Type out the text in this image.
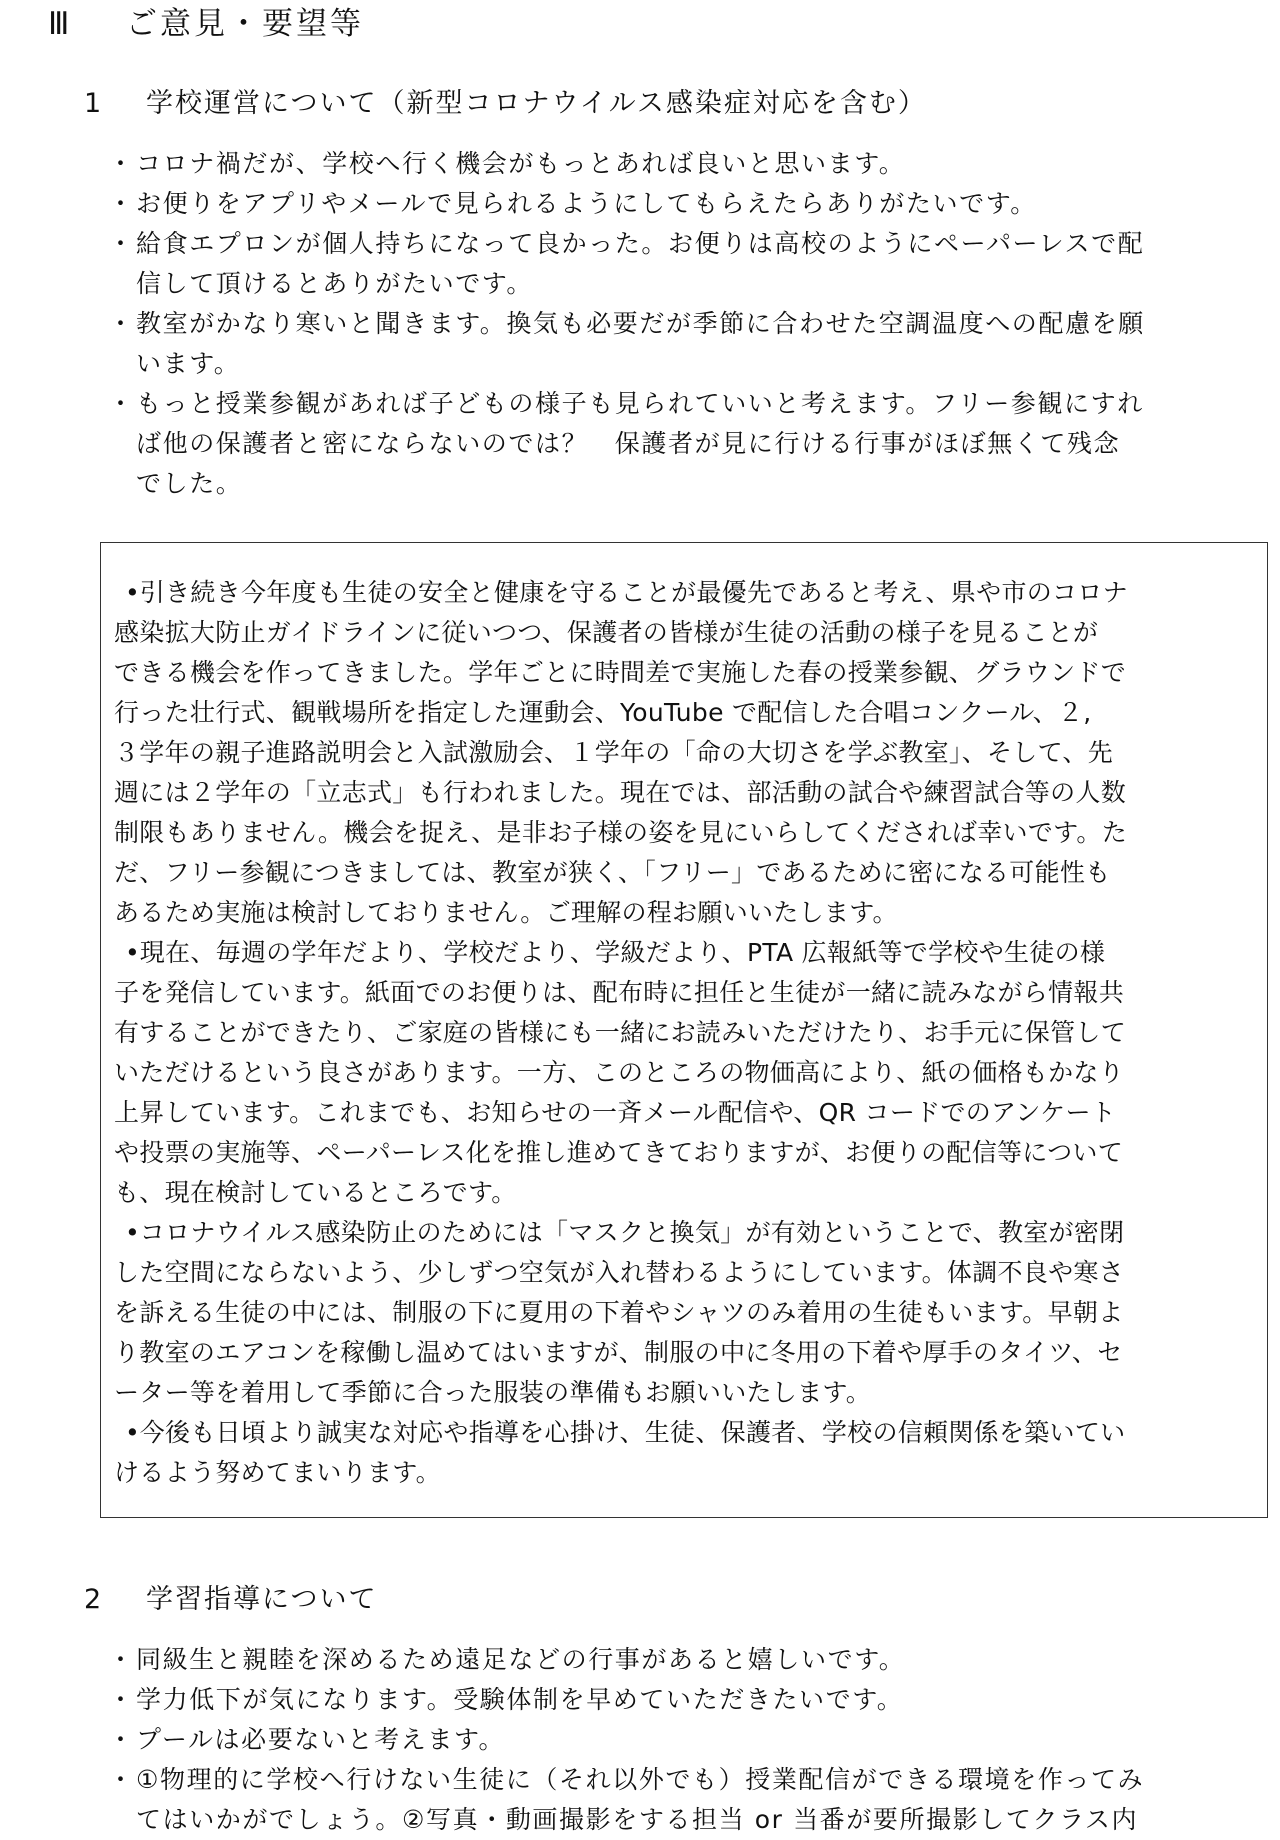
Ⅲ ご意見・要望等
1 学校運営について（新型コロナウイルス感染症対応を含む）
・ コロナ禍だが、学校へ行く機会がもっとあれば良いと思います。
・ お便りをアプリやメールで見られるようにしてもらえたらありがたいです。
・ 給食エプロンが個人持ちになって良かった。お便りは高校のようにペーパーレスで配
信して頂けるとありがたいです。
・ 教室がかなり寒いと聞きます。換気も必要だが季節に合わせた空調温度への配慮を願
います。
・ もっと授業参観があれば子どもの様子も見られていいと考えます。フリー参観にすれ
ば他の保護者と密にならないのでは？　保護者が見に行ける行事がほぼ無くて残念
でした。
　• 引き続き今年度も生徒の安全と健康を守ることが最優先であると考え、県や市のコロナ
感染拡大防止ガイドラインに従いつつ、保護者の皆様が生徒の活動の様子を見ることが
できる機会を作ってきました。学年ごとに時間差で実施した春の授業参観、グラウンドで
行った壮行式、観戦場所を指定した運動会、YouTube で配信した合唱コンクール、２,
３学年の親子進路説明会と入試激励会、１学年の「命の大切さを学ぶ教室」、そして、先
週には２学年の「立志式」も行われました。現在では、部活動の試合や練習試合等の人数
制限もありません。機会を捉え、是非お子様の姿を見にいらしてくだされば幸いです。た
だ、フリー参観につきましては、教室が狭く、「フリー」であるために密になる可能性も
あるため実施は検討しておりません。ご理解の程お願いいたします。
　• 現在、毎週の学年だより、学校だより、学級だより、PTA 広報紙等で学校や生徒の様
子を発信しています。紙面でのお便りは、配布時に担任と生徒が一緒に読みながら情報共
有することができたり、ご家庭の皆様にも一緒にお読みいただけたり、お手元に保管して
いただけるという良さがあります。一方、このところの物価高により、紙の価格もかなり
上昇しています。これまでも、お知らせの一斉メール配信や、QR コードでのアンケート
や投票の実施等、ペーパーレス化を推し進めてきておりますが、お便りの配信等について
も、現在検討しているところです。
　• コロナウイルス感染防止のためには「マスクと換気」が有効ということで、教室が密閉
した空間にならないよう、少しずつ空気が入れ替わるようにしています。体調不良や寒さ
を訴える生徒の中には、制服の下に夏用の下着やシャツのみ着用の生徒もいます。早朝よ
り教室のエアコンを稼働し温めてはいますが、制服の中に冬用の下着や厚手のタイツ、セ
ーター等を着用して季節に合った服装の準備もお願いいたします。
　• 今後も日頃より誠実な対応や指導を心掛け、生徒、保護者、学校の信頼関係を築いてい
けるよう努めてまいります。
2 学習指導について
・ 同級生と親睦を深めるため遠足などの行事があると嬉しいです。
・ 学力低下が気になります。受験体制を早めていただきたいです。
・ プールは必要ないと考えます。
・ ①物理的に学校へ行けない生徒に（それ以外でも）授業配信ができる環境を作ってみ
てはいかがでしょう。②写真・動画撮影をする担当 or 当番が要所撮影してクラス内
